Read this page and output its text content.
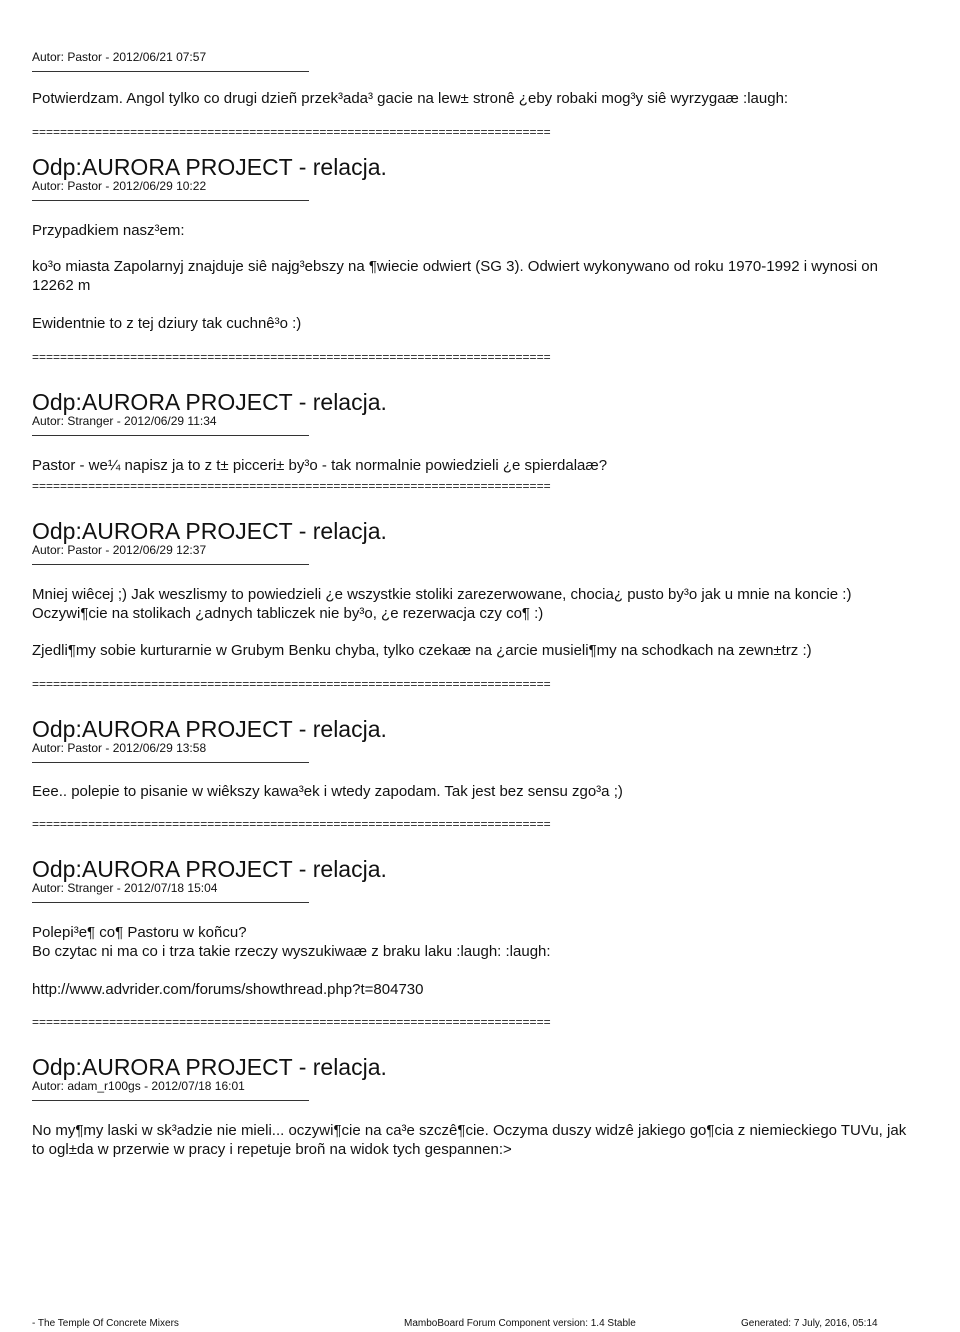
Autor: Pastor - 2012/06/21 07:57

Potwierdzam. Angol tylko co drugi dzieñ przek³ada³ gacie na lew± stronê ¿eby robaki mog³y siê wyrzygaæ :laugh:

==========================================================================

Odp:AURORA PROJECT - relacja.

Autor: Pastor - 2012/06/29 10:22

Przypadkiem nasz³em:

ko³o miasta Zapolarnyj znajduje siê najg³ebszy na ¶wiecie odwiert (SG 3). Odwiert wykonywano od roku 1970-1992 i wynosi on 12262 m

Ewidentnie to z tej dziury tak cuchnê³o :)

==========================================================================

Odp:AURORA PROJECT - relacja.

Autor: Stranger - 2012/06/29 11:34

Pastor - we¼ napisz ja to z t± picceri± by³o - tak normalnie powiedzieli ¿e spierdalaæ?

==========================================================================

Odp:AURORA PROJECT - relacja.

Autor: Pastor - 2012/06/29 12:37

Mniej wiêcej ;) Jak weszlismy to powiedzieli ¿e wszystkie stoliki zarezerwowane, chocia¿ pusto by³o jak u mnie na koncie :) Oczywi¶cie na stolikach ¿adnych tabliczek nie by³o, ¿e rezerwacja czy co¶ :)

Zjedli¶my sobie kurturarnie w Grubym Benku chyba, tylko czekaæ na ¿arcie musieli¶my na schodkach na zewn±trz :)

==========================================================================

Odp:AURORA PROJECT - relacja.

Autor: Pastor - 2012/06/29 13:58

Eee.. polepie to pisanie w wiêkszy kawa³ek i wtedy zapodam. Tak jest bez sensu zgo³a ;)

==========================================================================

Odp:AURORA PROJECT - relacja.

Autor: Stranger - 2012/07/18 15:04

Polepi³e¶ co¶ Pastoru w koñcu?

Bo czytac ni ma co i trza takie rzeczy wyszukiwaæ z braku laku :laugh: :laugh:

http://www.advrider.com/forums/showthread.php?t=804730

==========================================================================

Odp:AURORA PROJECT - relacja.

Autor: adam_r100gs - 2012/07/18 16:01

No my¶my laski w sk³adzie nie mieli... oczywi¶cie na ca³e szczê¶cie. Oczyma duszy widzê jakiego go¶cia z niemieckiego TUVu, jak to ogl±da w przerwie w pracy i repetuje broñ na widok tych gespannen:>

- The Temple Of Concrete Mixers	MamboBoard Forum Component version: 1.4 Stable	Generated: 7 July, 2016, 05:14
